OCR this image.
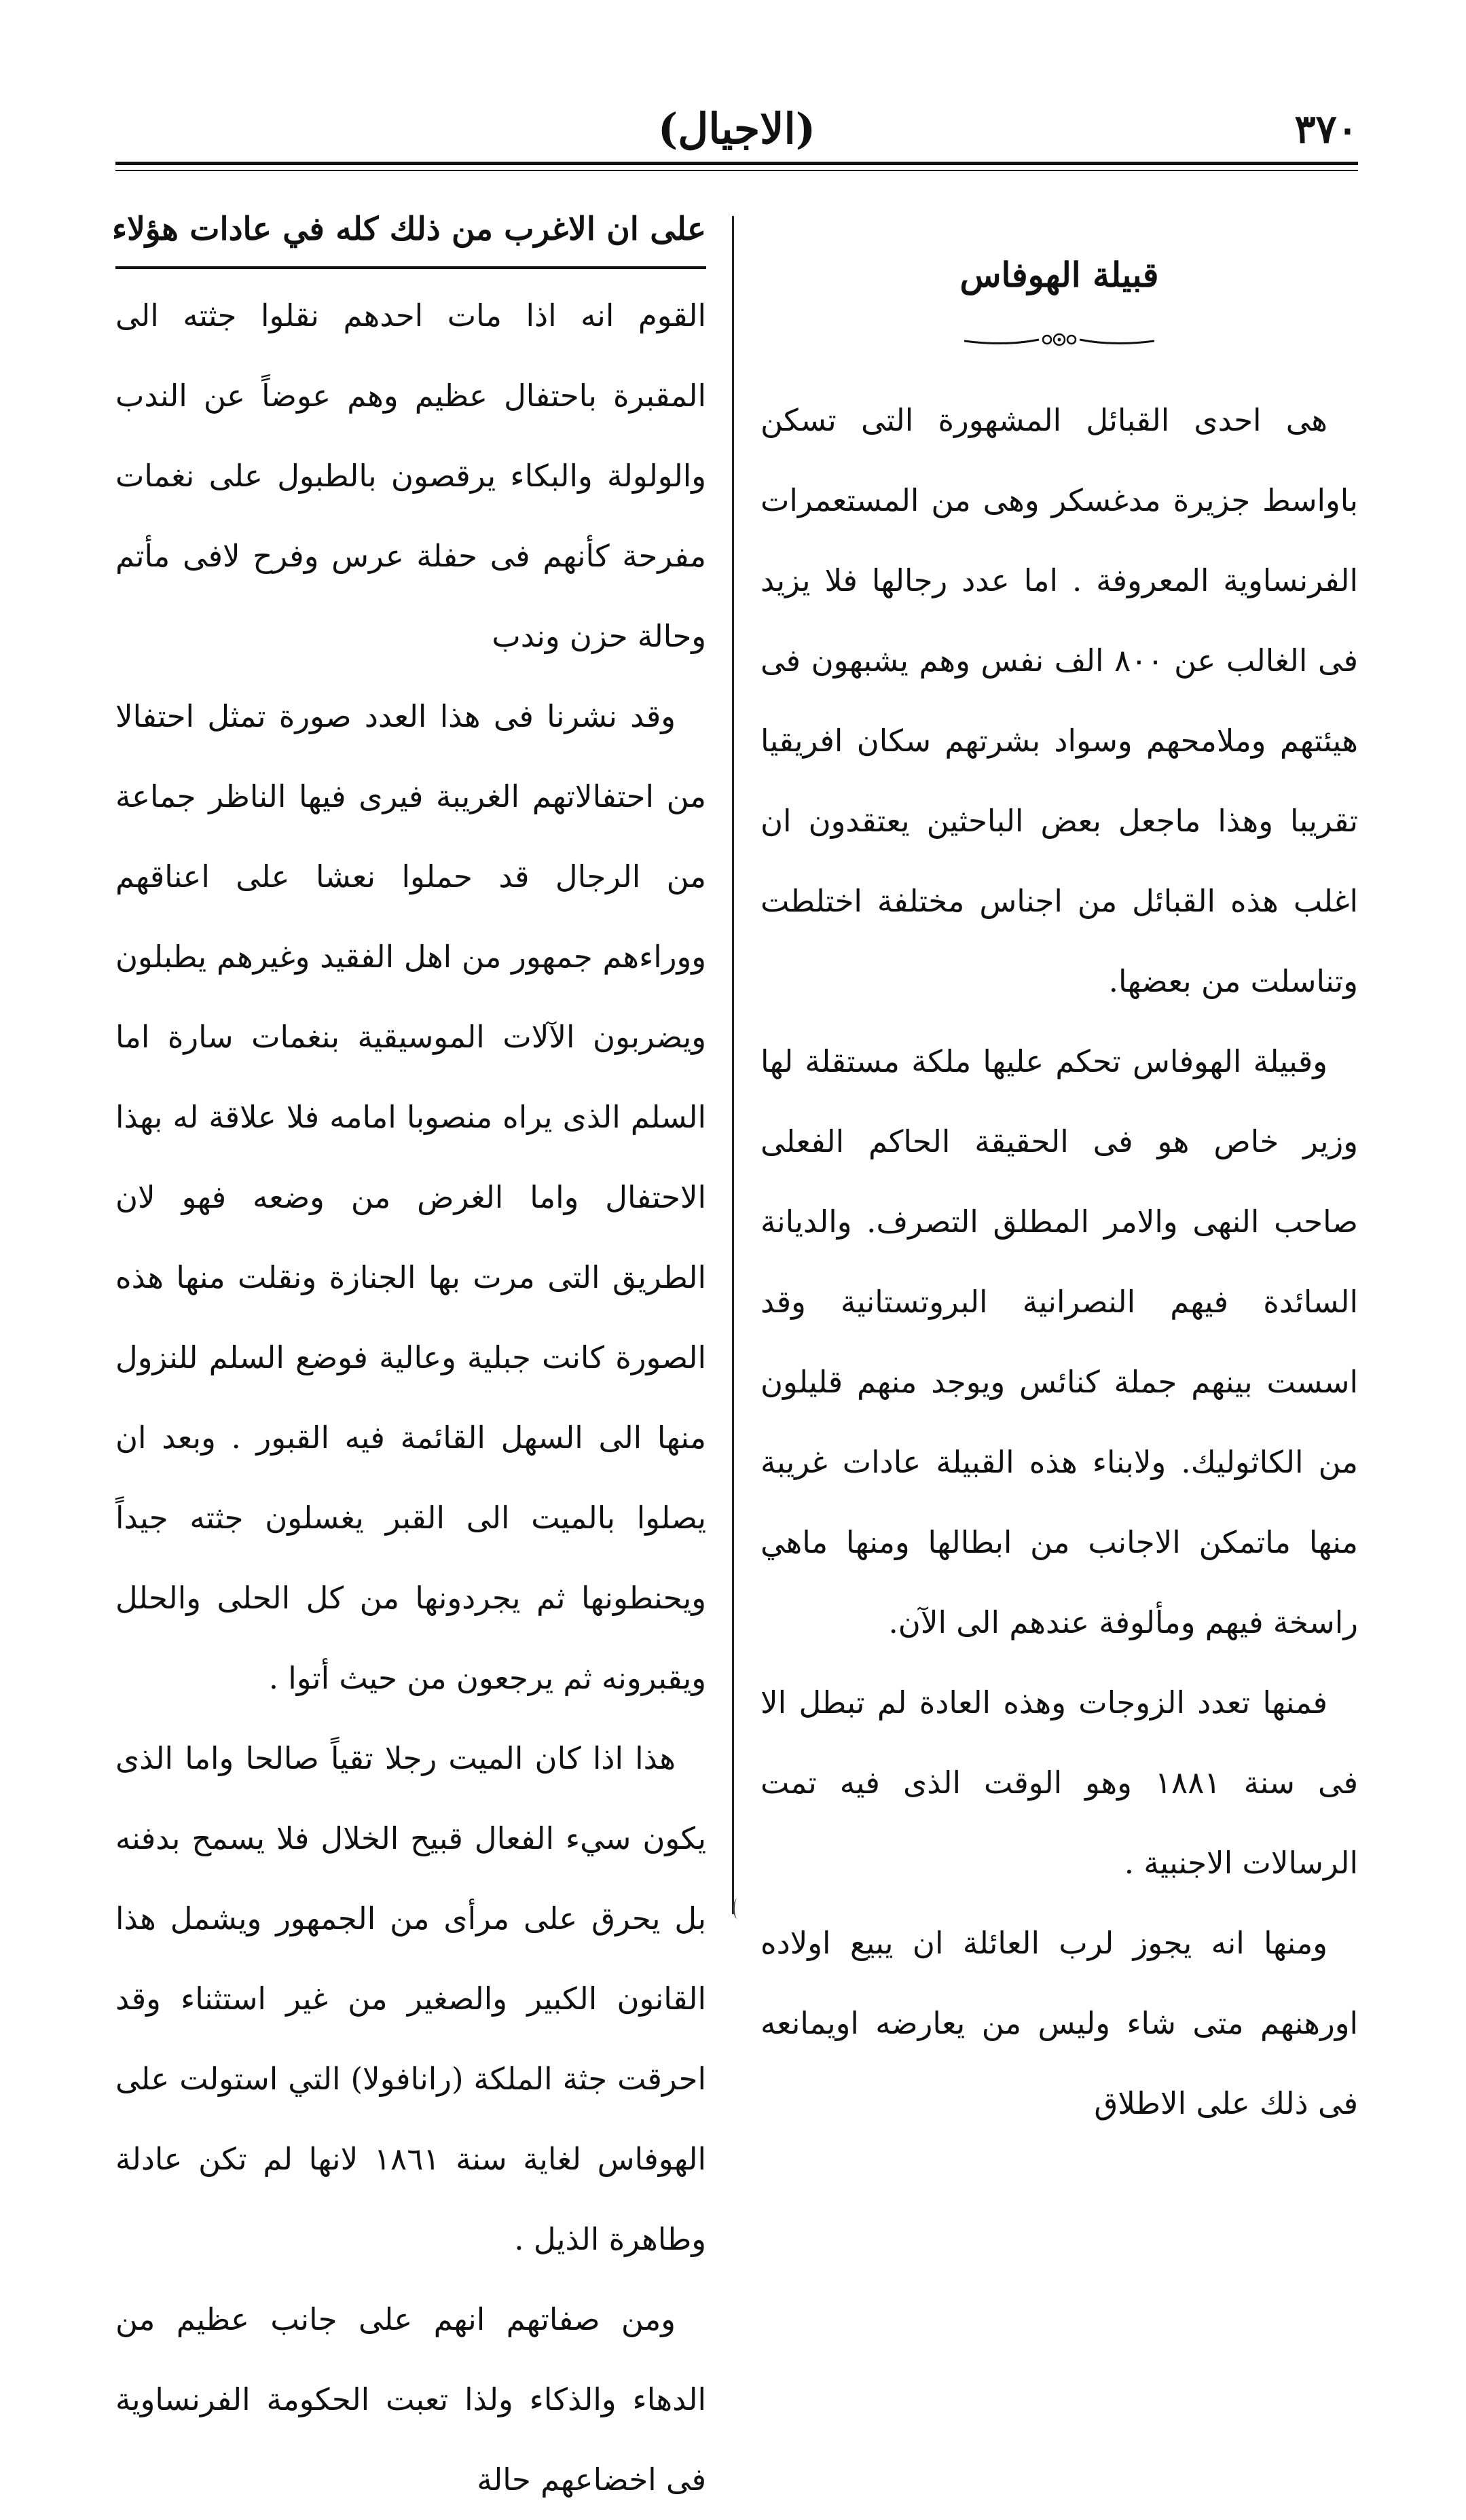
٣٧٠
(الاجيال)
قبيلة الهوفاس

هى احدى القبائل المشهورة التى تسكن باواسط جزيرة مدغسكر وهى من المستعمرات الفرنساوية المعروفة . اما عدد رجالها فلا يزيد فى الغالب عن ٨٠٠ الف نفس وهم يشبهون فى هيئتهم وملامحهم وسواد بشرتهم سكان افريقيا تقريبا وهذا ماجعل بعض الباحثين يعتقدون ان اغلب هذه القبائل من اجناس مختلفة اختلطت وتناسلت من بعضها.

وقبيلة الهوفاس تحكم عليها ملكة مستقلة لها وزير خاص هو فى الحقيقة الحاكم الفعلى صاحب النهى والامر المطلق التصرف. والديانة السائدة فيهم النصرانية البروتستانية وقد اسست بينهم جملة كنائس ويوجد منهم قليلون من الكاثوليك. ولابناء هذه القبيلة عادات غريبة منها ماتمكن الاجانب من ابطالها ومنها ماهي راسخة فيهم ومألوفة عندهم الى الآن.

فمنها تعدد الزوجات وهذه العادة لم تبطل الا فى سنة ١٨٨١ وهو الوقت الذى فيه تمت الرسالات الاجنبية .

ومنها انه يجوز لرب العائلة ان يبيع اولاده اورهنهم متى شاء وليس من يعارضه اويمانعه فى ذلك على الاطلاق

على ان الاغرب من ذلك كله في عادات هؤلاء

القوم انه اذا مات احدهم نقلوا جثته الى المقبرة باحتفال عظيم وهم عوضاً عن الندب والولولة والبكاء يرقصون بالطبول على نغمات مفرحة كأنهم فى حفلة عرس وفرح لافى مأتم وحالة حزن وندب

وقد نشرنا فى هذا العدد صورة تمثل احتفالا من احتفالاتهم الغريبة فيرى فيها الناظر جماعة من الرجال قد حملوا نعشا على اعناقهم ووراءهم جمهور من اهل الفقيد وغيرهم يطبلون ويضربون الآلات الموسيقية بنغمات سارة اما السلم الذى يراه منصوبا امامه فلا علاقة له بهذا الاحتفال واما الغرض من وضعه فهو لان الطريق التى مرت بها الجنازة ونقلت منها هذه الصورة كانت جبلية وعالية فوضع السلم للنزول منها الى السهل القائمة فيه القبور . وبعد ان يصلوا بالميت الى القبر يغسلون جثته جيداً ويحنطونها ثم يجردونها من كل الحلى والحلل ويقبرونه ثم يرجعون من حيث أتوا .

هذا اذا كان الميت رجلا تقياً صالحا واما الذى يكون سيء الفعال قبيح الخلال فلا يسمح بدفنه بل يحرق على مرأى من الجمهور ويشمل هذا القانون الكبير والصغير من غير استثناء وقد احرقت جثة الملكة (رانافولا) التي استولت على الهوفاس لغاية سنة ١٨٦١ لانها لم تكن عادلة وطاهرة الذيل .

ومن صفاتهم انهم على جانب عظيم من الدهاء والذكاء ولذا تعبت الحكومة الفرنساوية فى اخضاعهم حالة
